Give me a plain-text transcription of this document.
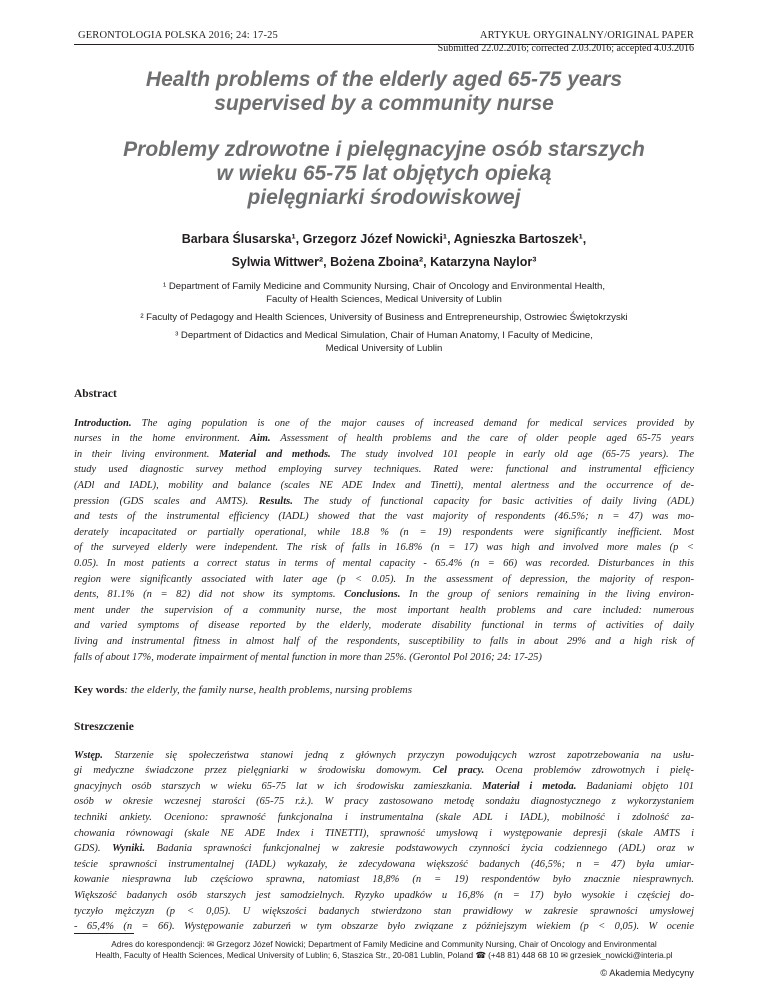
GERONTOLOGIA POLSKA 2016; 24: 17-25	ARTYKUŁ ORYGINALNY/ORIGINAL PAPER
Submitted 22.02.2016; corrected 2.03.2016; accepted 4.03.2016
Health problems of the elderly aged 65-75 years
supervised by a community nurse
Problemy zdrowotne i pielęgnacyjne osób starszych
w wieku 65-75 lat objętych opieką
pielęgniarki środowiskowej
Barbara Ślusarska¹, Grzegorz Józef Nowicki¹, Agnieszka Bartoszek¹,
Sylwia Wittwer², Bożena Zboina², Katarzyna Naylor³
¹ Department of Family Medicine and Community Nursing, Chair of Oncology and Environmental Health,
Faculty of Health Sciences, Medical University of Lublin
² Faculty of Pedagogy and Health Sciences, University of Business and Entrepreneurship, Ostrowiec Świętokrzyski
³ Department of Didactics and Medical Simulation, Chair of Human Anatomy, I Faculty of Medicine,
Medical University of Lublin
Abstract
Introduction. The aging population is one of the major causes of increased demand for medical services provided by
nurses in the home environment. Aim. Assessment of health problems and the care of older people aged 65-75 years
in their living environment. Material and methods. The study involved 101 people in early old age (65-75 years). The
study used diagnostic survey method employing survey techniques. Rated were: functional and instrumental efficiency
(ADl and IADL), mobility and balance (scales NE ADE Index and Tinetti), mental alertness and the occurrence of de-
pression (GDS scales and AMTS). Results. The study of functional capacity for basic activities of daily living (ADL)
and tests of the instrumental efficiency (IADL) showed that the vast majority of respondents (46.5%; n = 47) was mo-
derately incapacitated or partially operational, while 18.8 % (n = 19) respondents were significantly inefficient. Most
of the surveyed elderly were independent. The risk of falls in 16.8% (n = 17) was high and involved more males (p <
0.05). In most patients a correct status in terms of mental capacity - 65.4% (n = 66) was recorded. Disturbances in this
region were significantly associated with later age (p < 0.05). In the assessment of depression, the majority of respon-
dents, 81.1% (n = 82) did not show its symptoms. Conclusions. In the group of seniors remaining in the living environ-
ment under the supervision of a community nurse, the most important health problems and care included: numerous
and varied symptoms of disease reported by the elderly, moderate disability functional in terms of activities of daily
living and instrumental fitness in almost half of the respondents, susceptibility to falls in about 29% and a high risk of
falls of about 17%, moderate impairment of mental function in more than 25%. (Gerontol Pol 2016; 24: 17-25)
Key words: the elderly, the family nurse, health problems, nursing problems
Streszczenie
Wstęp. Starzenie się społeczeństwa stanowi jedną z głównych przyczyn powodujących wzrost zapotrzebowania na usłu-
gi medyczne świadczone przez pielęgniarki w środowisku domowym. Cel pracy. Ocena problemów zdrowotnych i pielę-
gnacyjnych osób starszych w wieku 65-75 lat w ich środowisku zamieszkania. Materiał i metoda. Badaniami objęto 101
osób w okresie wczesnej starości (65-75 r.ż.). W pracy zastosowano metodę sondażu diagnostycznego z wykorzystaniem
techniki ankiety. Oceniono: sprawność funkcjonalna i instrumentalna (skale ADL i IADL), mobilność i zdolność za-
chowania równowagi (skale NE ADE Index i TINETTI), sprawność umysłową i występowanie depresji (skale AMTS i
GDS). Wyniki. Badania sprawności funkcjonalnej w zakresie podstawowych czynności życia codziennego (ADL) oraz w
teście sprawności instrumentalnej (IADL) wykazały, że zdecydowana większość badanych (46,5%; n = 47) była umiar-
kowanie niesprawna lub częściowo sprawna, natomiast 18,8% (n = 19) respondentów było znacznie niesprawnych.
Większość badanych osób starszych jest samodzielnych. Ryzyko upadków u 16,8% (n = 17) było wysokie i częściej do-
tyczyło mężczyzn (p < 0,05). U większości badanych stwierdzono stan prawidłowy w zakresie sprawności umysłowej
- 65,4% (n = 66). Występowanie zaburzeń w tym obszarze było związane z późniejszym wiekiem (p < 0,05). W ocenie
Adres do korespondencji: ✉ Grzegorz Józef Nowicki; Department of Family Medicine and Community Nursing, Chair of Oncology and Environmental
Health, Faculty of Health Sciences, Medical University of Lublin; 6, Staszica Str., 20-081 Lublin, Poland ☎ (+48 81) 448 68 10 ✉ grzesiek_nowicki@interia.pl
© Akademia Medycyny
